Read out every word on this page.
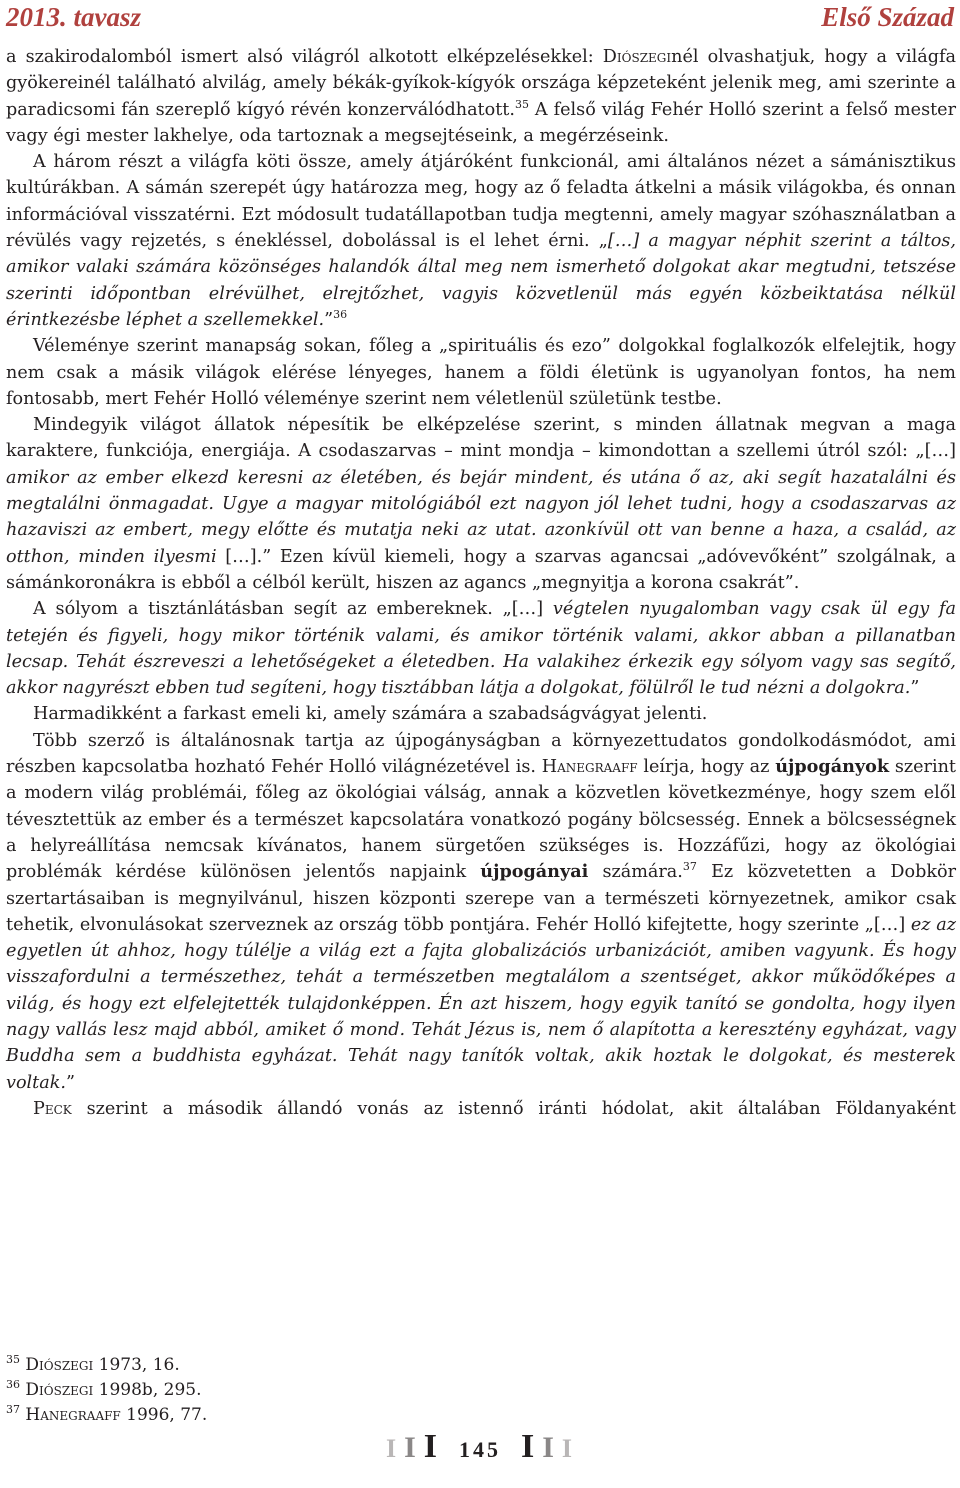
2013. tavasz	Első Század

a szakirodalomból ismert alsó világról alkotott elképzelésekkel: Diószeginél olvashatjuk, hogy a világfa gyökereinél található alvilág, amely békák-gyíkok-kígyók országa képzeteként jelenik meg, ami szerinte a paradicsomi fán szereplő kígyó révén konzerválódhatott.$^{35}$ A felső világ Fehér Holló szerint a felső mester vagy égi mester lakhelye, oda tartoznak a megsejtéseink, a megérzéseink.

A három részt a világfa köti össze, amely átjáróként funkcionál, ami általános nézet a sámánisztikus kultúrákban. A sámán szerepét úgy határozza meg, hogy az ő feladta átkelni a másik világokba, és onnan információval visszatérni. Ezt módosult tudatállapotban tudja megtenni, amely magyar szóhasználatban a révülés vagy rejzetés, s énekléssel, dobolással is el lehet érni. „[…] a magyar néphit szerint a táltos, amikor valaki számára közönséges halandók által meg nem ismerhető dolgokat akar megtudni, tetszése szerinti időpontban elrévülhet, elrejtőzhet, vagyis közvetlenül más egyén közbeiktatása nélkül érintkezésbe léphet a szellemekkel.”$^{36}$

Véleménye szerint manapság sokan, főleg a „spirituális és ezo” dolgokkal foglalkozók elfelejtik, hogy nem csak a másik világok elérése lényeges, hanem a földi életünk is ugyanolyan fontos, ha nem fontosabb, mert Fehér Holló véleménye szerint nem véletlenül születünk testbe.

Mindegyik világot állatok népesítik be elképzelése szerint, s minden állatnak megvan a maga karaktere, funkciója, energiája. A csodaszarvas – mint mondja – kimondottan a szellemi útról szól: „[…] amikor az ember elkezd keresni az életében, és bejár mindent, és utána ő az, aki segít hazatalálni és megtalálni önmagadat. Ugye a magyar mitológiából ezt nagyon jól lehet tudni, hogy a csodaszarvas az hazaviszi az embert, megy előtte és mutatja neki az utat. azonkívül ott van benne a haza, a család, az otthon, minden ilyesmi […].” Ezen kívül kiemeli, hogy a szarvas agancsai „adóvevőként” szolgálnak, a sámánkoronákra is ebből a célból került, hiszen az agancs „megnyitja a korona csakrát”.

A sólyom a tisztánlátásban segít az embereknek. „[…] végtelen nyugalomban vagy csak ül egy fa tetején és figyeli, hogy mikor történik valami, és amikor történik valami, akkor abban a pillanatban lecsap. Tehát észreveszi a lehetőségeket a életedben. Ha valakihez érkezik egy sólyom vagy sas segítő, akkor nagyrészt ebben tud segíteni, hogy tisztábban látja a dolgokat, fölülről le tud nézni a dolgokra.”

Harmadikként a farkast emeli ki, amely számára a szabadságvágyat jelenti.

Több szerző is általánosnak tartja az újpogányságban a környezettudatos gondolkodásmódot, ami részben kapcsolatba hozható Fehér Holló világnézetével is. Hanegraaff leírja, hogy az újpogányok szerint a modern világ problémái, főleg az ökológiai válság, annak a közvetlen következménye, hogy szem elől tévesztettük az ember és a természet kapcsolatára vonatkozó pogány bölcsesség. Ennek a bölcsességnek a helyreállítása nemcsak kívánatos, hanem sürgetően szükséges is. Hozzáfűzi, hogy az ökológiai problémák kérdése különösen jelentős napjaink újpogányai számára.$^{37}$ Ez közvetetten a Dobkör szertartásaiban is megnyilvánul, hiszen központi szerepe van a természeti környezetnek, amikor csak tehetik, elvonulásokat szerveznek az ország több pontjára. Fehér Holló kifejtette, hogy szerinte „[…] ez az egyetlen út ahhoz, hogy túlélje a világ ezt a fajta globalizációs urbanizációt, amiben vagyunk. És hogy visszafordulni a természethez, tehát a természetben megtalálom a szentséget, akkor működőképes a világ, és hogy ezt elfelejtették tulajdonképpen. Én azt hiszem, hogy egyik tanító se gondolta, hogy ilyen nagy vallás lesz majd abból, amiket ő mond. Tehát Jézus is, nem ő alapította a keresztény egyházat, vagy Buddha sem a buddhista egyházat. Tehát nagy tanítók voltak, akik hoztak le dolgokat, és mesterek voltak.”

Peck szerint a második állandó vonás az istennő iránti hódolat, akit általában Földanyaként

$^{35}$ Diószegi 1973, 16.

$^{36}$ Diószegi 1998b, 295.

$^{37}$ Hanegraaff 1996, 77.

I I I 145 I I I
